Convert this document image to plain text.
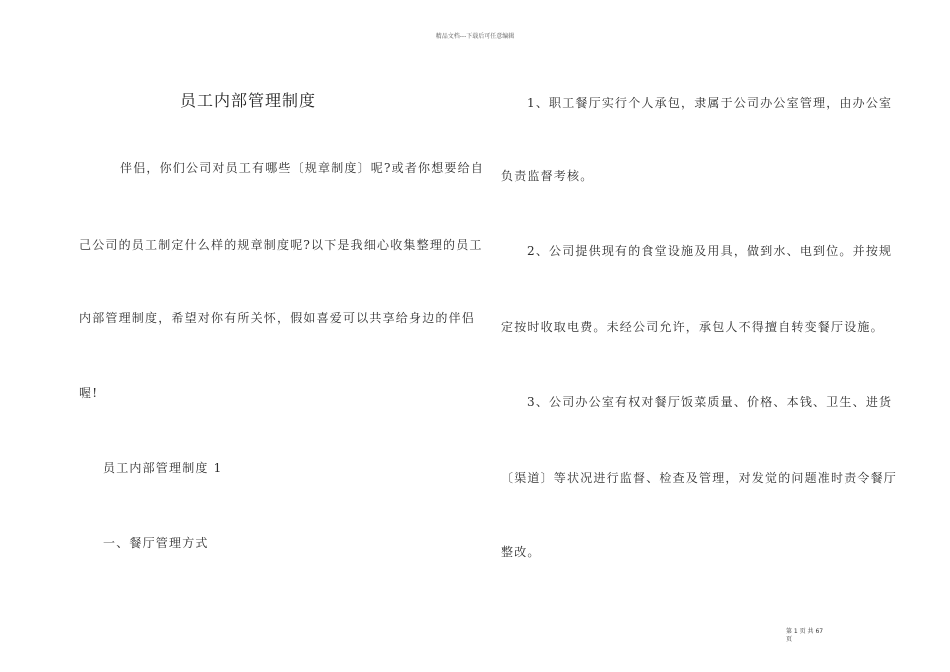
精品文档---下载后可任意编辑
员工内部管理制度
伴侣，你们公司对员工有哪些〔规章制度〕呢?或者你想要给自
己公司的员工制定什么样的规章制度呢?以下是我细心收集整理的员工
内部管理制度，希望对你有所关怀，假如喜爱可以共享给身边的伴侣
喔!
员工内部管理制度 1
一、餐厅管理方式
1、职工餐厅实行个人承包，隶属于公司办公室管理，由办公室
负责监督考核。
2、公司提供现有的食堂设施及用具，做到水、电到位。并按规
定按时收取电费。未经公司允许，承包人不得擅自转变餐厅设施。
3、公司办公室有权对餐厅饭菜质量、价格、本钱、卫生、进货
〔渠道〕等状况进行监督、检查及管理，对发觉的问题准时责令餐厅
整改。
第 1 页 共 67
页
